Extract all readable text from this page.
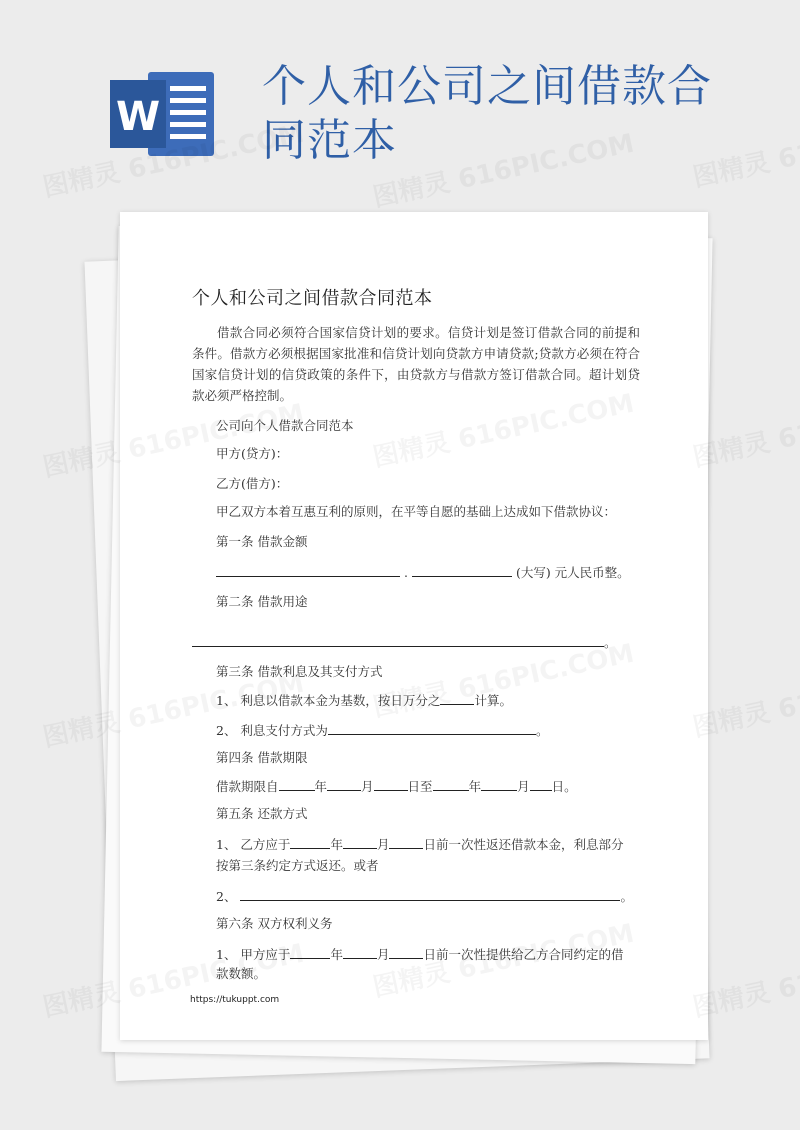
W
个人和公司之间借款合同范本
个人和公司之间借款合同范本
借款合同必须符合国家信贷计划的要求。信贷计划是签订借款合同的前提和条件。借款方必须根据国家批准和信贷计划向贷款方申请贷款;贷款方必须在符合国家信贷计划的信贷政策的条件下，由贷款方与借款方签订借款合同。超计划贷款必须严格控制。
公司向个人借款合同范本
甲方(贷方)：
乙方(借方)：
甲乙双方本着互惠互利的原则，在平等自愿的基础上达成如下借款协议：
第一条 借款金额
.	(大写) 元人民币整。
第二条 借款用途
。
第三条 借款利息及其支付方式
1、 利息以借款本金为基数，按日万分之	计算。
2、 利息支付方式为	。
第四条 借款期限
借款期限自	年	月	日至	年	月 日。
第五条 还款方式
1、 乙方应于	年	月	日前一次性返还借款本金，利息部分
按第三条约定方式返还。或者
2、	。
第六条 双方权利义务
1、 甲方应于	年	月	日前一次性提供给乙方合同约定的借
款数额。
https://tukuppt.com
